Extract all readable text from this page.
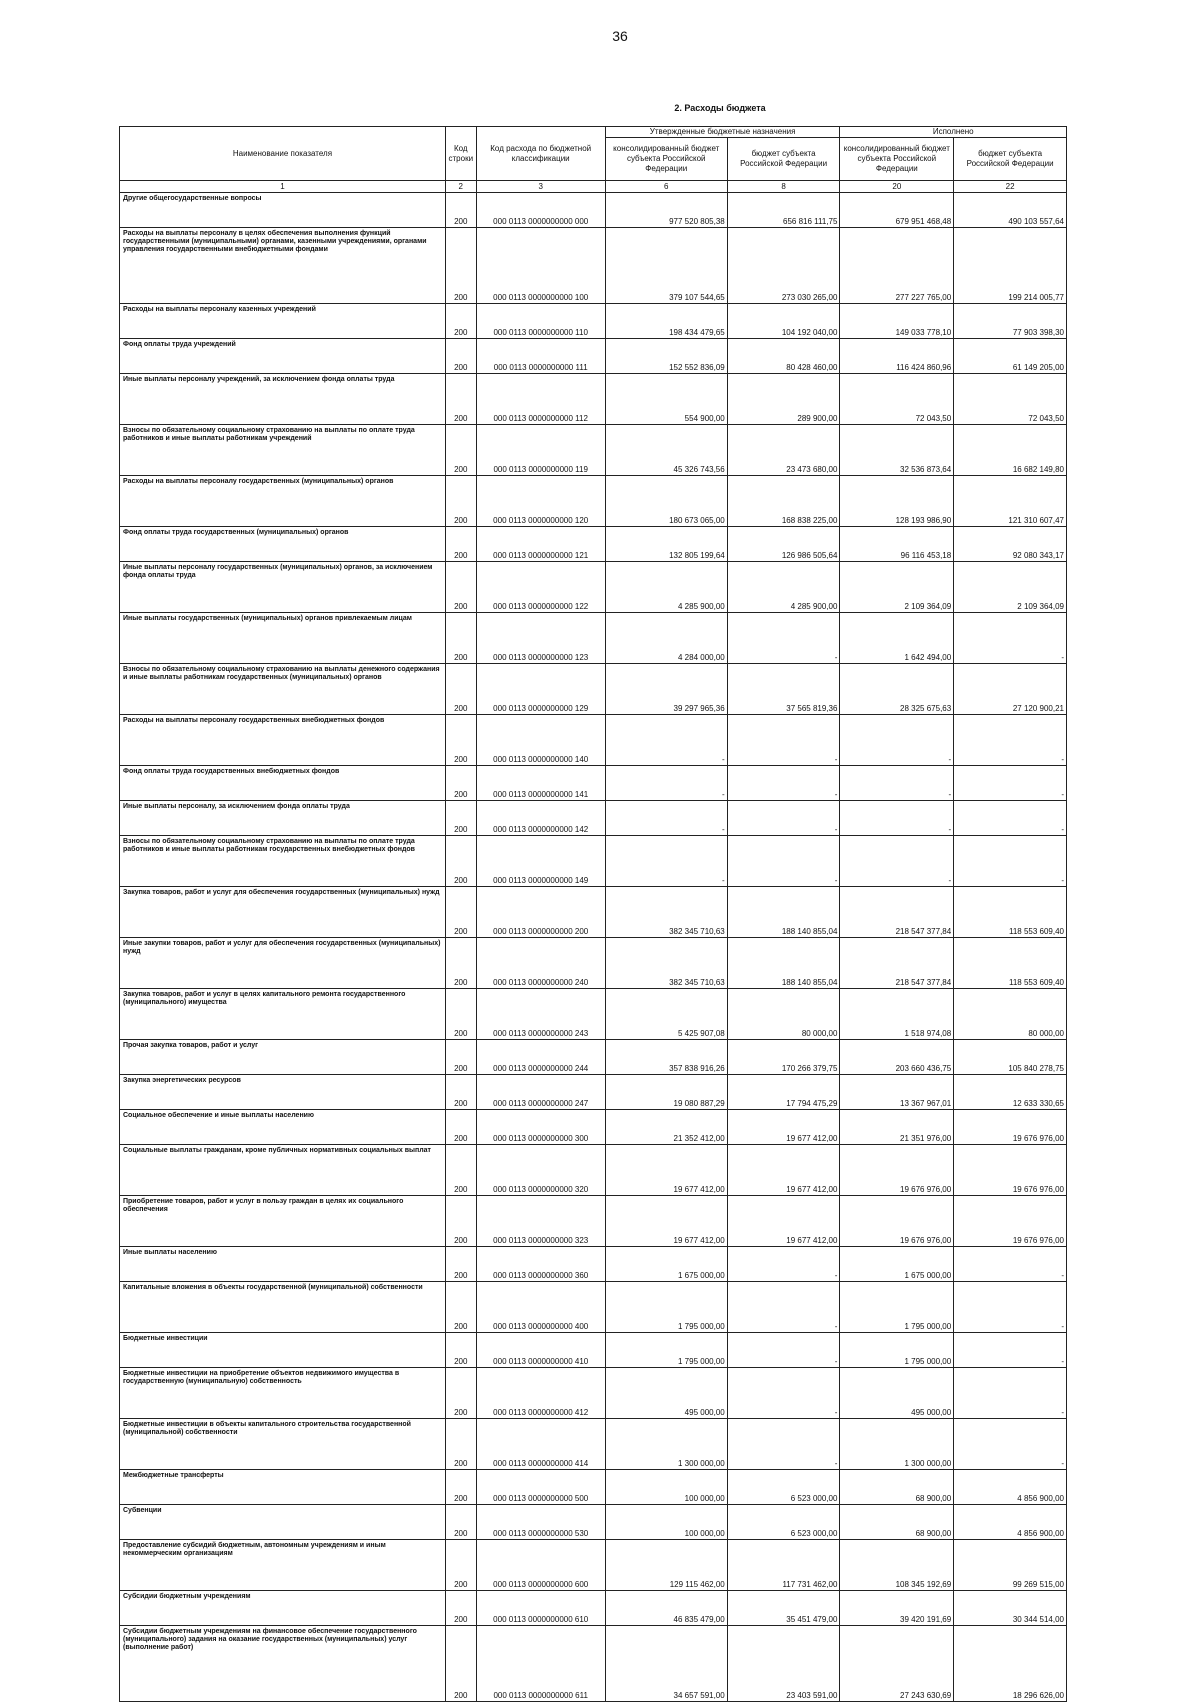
36
2. Расходы бюджета
Наименование показателя	Код строки	Код расхода по бюджетной классификации	Утвержденные бюджетные назначения		Исполнено	
			консолидированный бюджет субъекта Российской Федерации	бюджет субъекта Российской Федерации	консолидированный бюджет субъекта Российской Федерации	бюджет субъекта Российской Федерации
1	2	3	6	8	20	22
Другие общегосударственные вопросы	200	000 0113 0000000000 000	977 520 805,38	656 816 111,75	679 951 468,48	490 103 557,64
Расходы на выплаты персоналу в целях обеспечения выполнения функций государственными (муниципальными) органами, казенными учреждениями, органами управления государственными внебюджетными фондами	200	000 0113 0000000000 100	379 107 544,65	273 030 265,00	277 227 765,00	199 214 005,77
Расходы на выплаты персоналу казенных учреждений	200	000 0113 0000000000 110	198 434 479,65	104 192 040,00	149 033 778,10	77 903 398,30
Фонд оплаты труда учреждений	200	000 0113 0000000000 111	152 552 836,09	80 428 460,00	116 424 860,96	61 149 205,00
Иные выплаты персоналу учреждений, за исключением фонда оплаты труда	200	000 0113 0000000000 112	554 900,00	289 900,00	72 043,50	72 043,50
Взносы по обязательному социальному страхованию на выплаты по оплате труда работников и иные выплаты работникам учреждений	200	000 0113 0000000000 119	45 326 743,56	23 473 680,00	32 536 873,64	16 682 149,80
Расходы на выплаты персоналу государственных (муниципальных) органов	200	000 0113 0000000000 120	180 673 065,00	168 838 225,00	128 193 986,90	121 310 607,47
Фонд оплаты труда государственных (муниципальных) органов	200	000 0113 0000000000 121	132 805 199,64	126 986 505,64	96 116 453,18	92 080 343,17
Иные выплаты персоналу государственных (муниципальных) органов, за исключением фонда оплаты труда	200	000 0113 0000000000 122	4 285 900,00	4 285 900,00	2 109 364,09	2 109 364,09
Иные выплаты государственных (муниципальных) органов привлекаемым лицам	200	000 0113 0000000000 123	4 284 000,00	-	1 642 494,00	-
Взносы по обязательному социальному страхованию на выплаты денежного содержания и иные выплаты работникам государственных (муниципальных) органов	200	000 0113 0000000000 129	39 297 965,36	37 565 819,36	28 325 675,63	27 120 900,21
Расходы на выплаты персоналу государственных внебюджетных фондов	200	000 0113 0000000000 140	-	-	-	-
Фонд оплаты труда государственных внебюджетных фондов	200	000 0113 0000000000 141	-	-	-	-
Иные выплаты персоналу, за исключением фонда оплаты труда	200	000 0113 0000000000 142	-	-	-	-
Взносы по обязательному социальному страхованию на выплаты по оплате труда работников и иные выплаты работникам государственных внебюджетных фондов	200	000 0113 0000000000 149	-	-	-	-
Закупка товаров, работ и услуг для обеспечения государственных (муниципальных) нужд	200	000 0113 0000000000 200	382 345 710,63	188 140 855,04	218 547 377,84	118 553 609,40
Иные закупки товаров, работ и услуг для обеспечения государственных (муниципальных) нужд	200	000 0113 0000000000 240	382 345 710,63	188 140 855,04	218 547 377,84	118 553 609,40
Закупка товаров, работ и услуг в целях капитального ремонта государственного (муниципального) имущества	200	000 0113 0000000000 243	5 425 907,08	80 000,00	1 518 974,08	80 000,00
Прочая закупка товаров, работ и услуг	200	000 0113 0000000000 244	357 838 916,26	170 266 379,75	203 660 436,75	105 840 278,75
Закупка энергетических ресурсов	200	000 0113 0000000000 247	19 080 887,29	17 794 475,29	13 367 967,01	12 633 330,65
Социальное обеспечение и иные выплаты населению	200	000 0113 0000000000 300	21 352 412,00	19 677 412,00	21 351 976,00	19 676 976,00
Социальные выплаты гражданам, кроме публичных нормативных социальных выплат	200	000 0113 0000000000 320	19 677 412,00	19 677 412,00	19 676 976,00	19 676 976,00
Приобретение товаров, работ и услуг в пользу граждан в целях их социального обеспечения	200	000 0113 0000000000 323	19 677 412,00	19 677 412,00	19 676 976,00	19 676 976,00
Иные выплаты населению	200	000 0113 0000000000 360	1 675 000,00	-	1 675 000,00	-
Капитальные вложения в объекты государственной (муниципальной) собственности	200	000 0113 0000000000 400	1 795 000,00	-	1 795 000,00	-
Бюджетные инвестиции	200	000 0113 0000000000 410	1 795 000,00	-	1 795 000,00	-
Бюджетные инвестиции на приобретение объектов недвижимого имущества в государственную (муниципальную) собственность	200	000 0113 0000000000 412	495 000,00	-	495 000,00	-
Бюджетные инвестиции в объекты капитального строительства государственной (муниципальной) собственности	200	000 0113 0000000000 414	1 300 000,00	-	1 300 000,00	-
Межбюджетные трансферты	200	000 0113 0000000000 500	100 000,00	6 523 000,00	68 900,00	4 856 900,00
Субвенции	200	000 0113 0000000000 530	100 000,00	6 523 000,00	68 900,00	4 856 900,00
Предоставление субсидий бюджетным, автономным учреждениям и иным некоммерческим организациям	200	000 0113 0000000000 600	129 115 462,00	117 731 462,00	108 345 192,69	99 269 515,00
Субсидии бюджетным учреждениям	200	000 0113 0000000000 610	46 835 479,00	35 451 479,00	39 420 191,69	30 344 514,00
Субсидии бюджетным учреждениям на финансовое обеспечение государственного (муниципального) задания на оказание государственных (муниципальных) услуг (выполнение работ)	200	000 0113 0000000000 611	34 657 591,00	23 403 591,00	27 243 630,69	18 296 626,00
